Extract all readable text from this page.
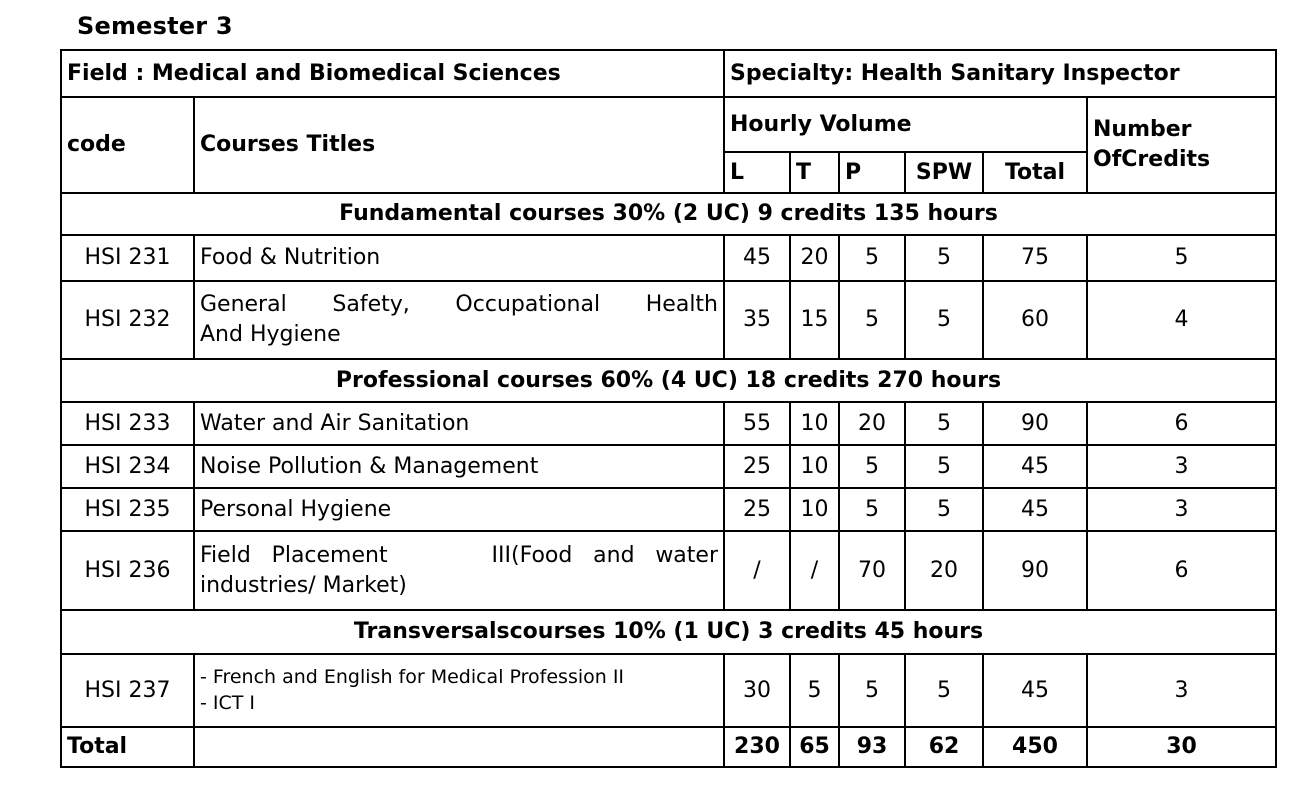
Semester 3
Field : Medical and Biomedical Sciences		Specialty: Health Sanitary Inspector					
code	Courses Titles	Hourly Volume					Number
OfCredits

		L	T	P	SPW	Total	
Fundamental courses 30% (2 UC) 9 credits 135 hours							
HSI 231	Food & Nutrition	45	20	5	5	75	5
HSI 232	General Safety, Occupational Health
And Hygiene	35	15	5	5	60	4
Professional courses 60% (4 UC) 18 credits 270 hours							
HSI 233	Water and Air Sanitation	55	10	20	5	90	6
HSI 234	Noise Pollution & Management	25	10	5	5	45	3
HSI 235	Personal Hygiene	25	10	5	5	45	3
HSI 236	Field Placement     III(Food and water
industries/ Market)	/	/	70	20	90	6
Transversalscourses 10% (1 UC) 3 credits 45 hours							
HSI 237	- French and English for Medical Profession II
- ICT I	30	5	5	5	45	3
Total		230	65	93	62	450	30
